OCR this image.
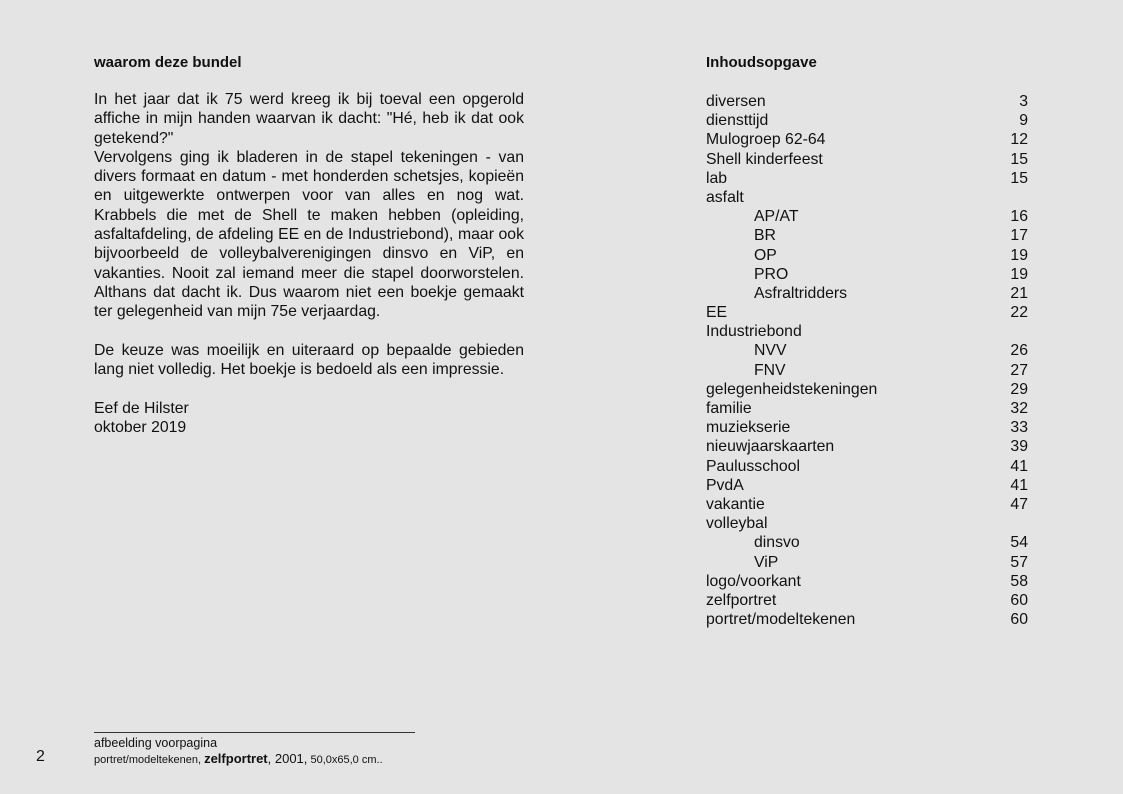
waarom deze bundel

In het jaar dat ik 75 werd kreeg ik bij toeval een opgerold affiche in mijn handen waarvan ik dacht: "Hé, heb ik dat ook getekend?"
Vervolgens ging ik bladeren in de stapel tekeningen - van divers formaat en datum - met honderden schetsjes, kopieën en uitgewerkte ontwerpen voor van alles en nog wat. Krabbels die met de Shell te maken hebben (opleiding, asfaltafdeling, de afdeling EE en de Industriebond), maar ook bijvoorbeeld de volleybalverenigingen dinsvo en ViP, en vakanties. Nooit zal iemand meer die stapel doorworstelen. Althans dat dacht ik. Dus waarom niet een boekje gemaakt ter gelegenheid van mijn 75e verjaardag.

De keuze was moeilijk en uiteraard op bepaalde gebieden lang niet volledig. Het boekje is bedoeld als een impressie.

Eef de Hilster
oktober 2019
Inhoudsopgave
diversen	3
diensttijd	9
Mulogroep 62-64	12
Shell kinderfeest	15
lab	15
asfalt
AP/AT	16
BR	17
OP	19
PRO	19
Asfraltridders	21
EE	22
Industriebond
NVV	26
FNV	27
gelegenheidstekeningen	29
familie	32
muziekserie	33
nieuwjaarskaarten	39
Paulusschool	41
PvdA	41
vakantie	47
volleybal
dinsvo	54
ViP	57
logo/voorkant	58
zelfportret	60
portret/modeltekenen	60
afbeelding voorpagina
portret/modeltekenen, zelfportret, 2001, 50,0x65,0 cm..
2
